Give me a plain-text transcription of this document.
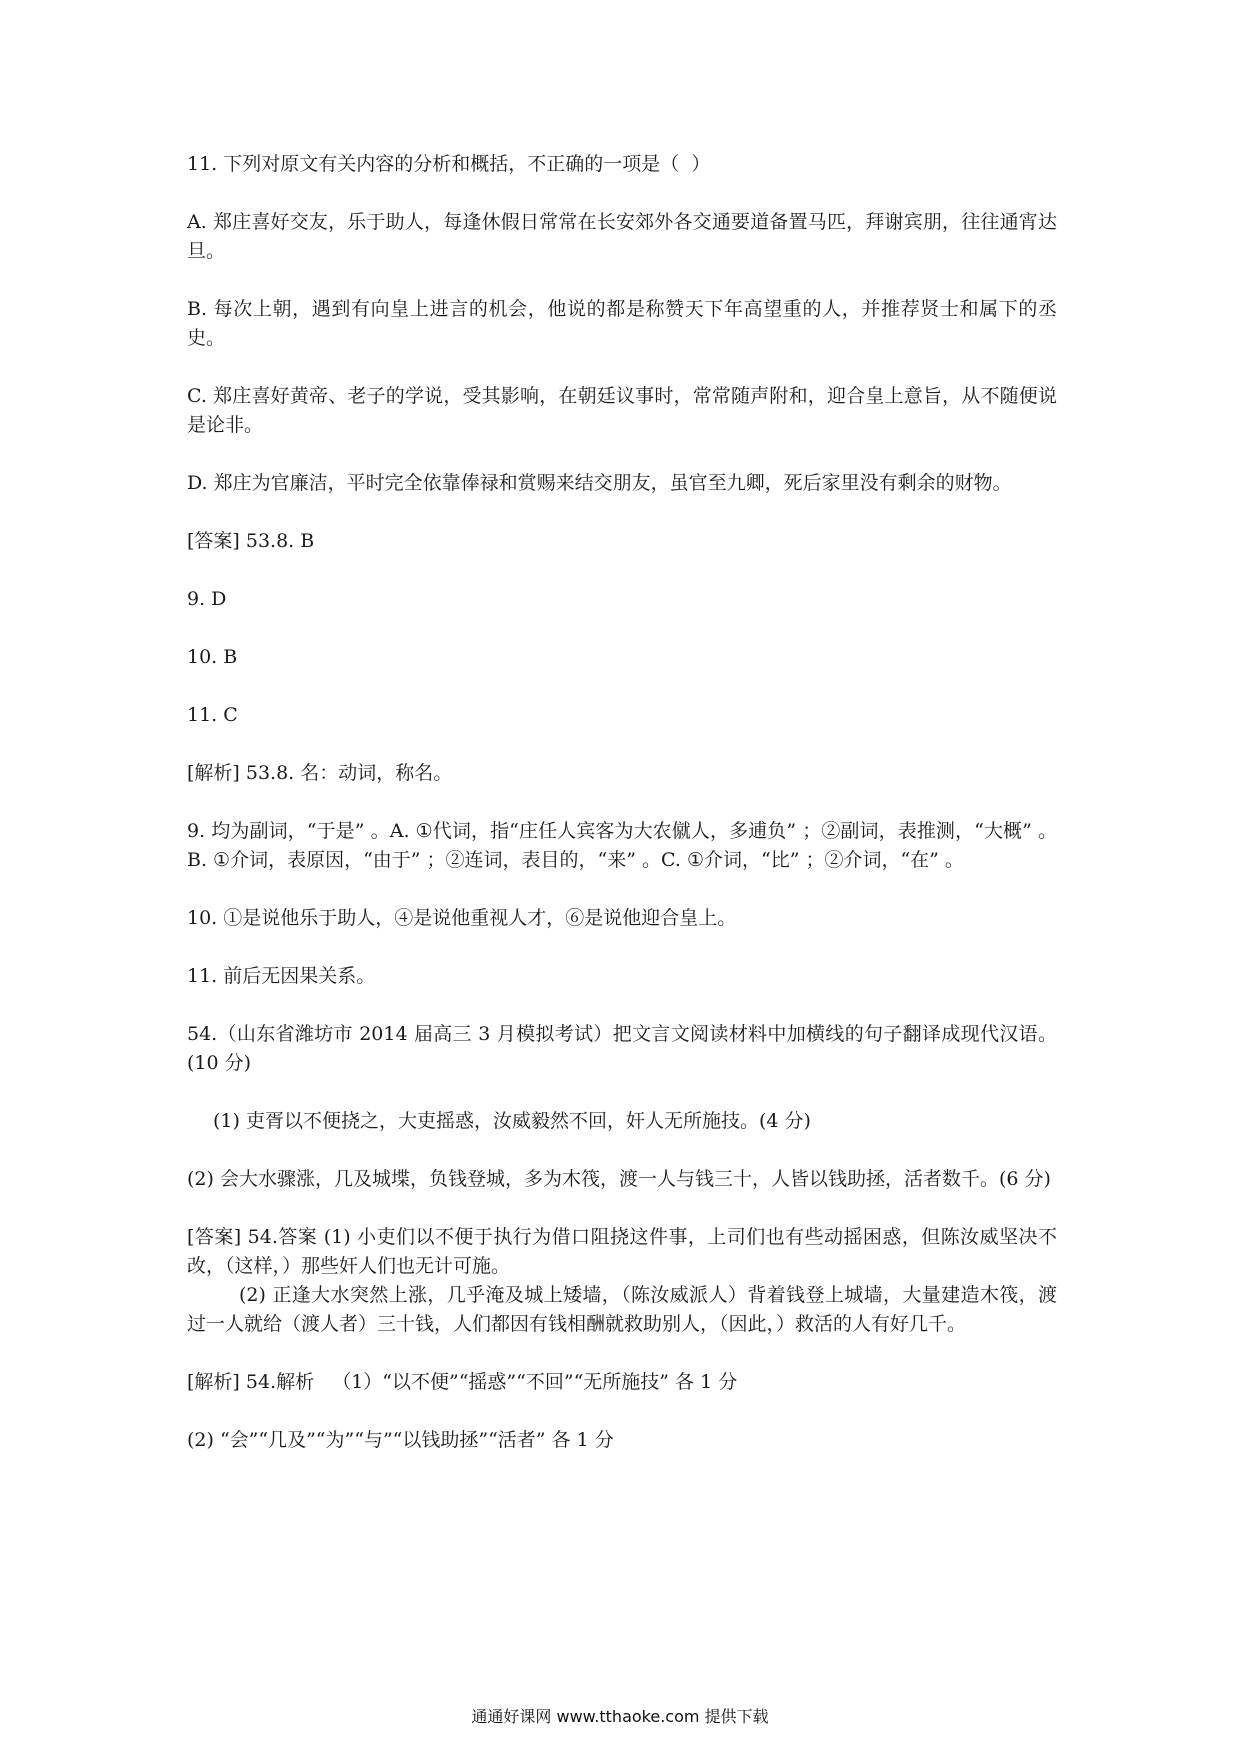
11. 下列对原文有关内容的分析和概括，不正确的一项是（  ）

A. 郑庄喜好交友，乐于助人，每逢休假日常常在长安郊外各交通要道备置马匹，拜谢宾朋，往往通宵达旦。

B. 每次上朝，遇到有向皇上进言的机会，他说的都是称赞天下年高望重的人，并推荐贤士和属下的丞史。

C. 郑庄喜好黄帝、老子的学说，受其影响，在朝廷议事时，常常随声附和，迎合皇上意旨，从不随便说是论非。

D. 郑庄为官廉洁，平时完全依靠俸禄和赏赐来结交朋友，虽官至九卿，死后家里没有剩余的财物。

[答案] 53.8. B

9. D

10. B

11. C

[解析] 53.8. 名：动词，称名。

9. 均为副词，“于是” 。A. ①代词，指“庄任人宾客为大农僦人，多逋负” ；②副词，表推测，“大概” 。B. ①介词，表原因，“由于” ；②连词，表目的，“来” 。C. ①介词，“比” ；②介词，“在” 。

10. ①是说他乐于助人，④是说他重视人才，⑥是说他迎合皇上。

11. 前后无因果关系。

54.（山东省潍坊市 2014 届高三 3 月模拟考试）把文言文阅读材料中加横线的句子翻译成现代汉语。(10 分)

(1) 吏胥以不便挠之，大吏摇惑，汝威毅然不回，奸人无所施技。(4 分)

(2) 会大水骤涨，几及城堞，负钱登城，多为木筏，渡一人与钱三十，人皆以钱助拯，活者数千。(6 分)

[答案] 54.答案 (1) 小吏们以不便于执行为借口阻挠这件事，上司们也有些动摇困惑，但陈汝威坚决不改，（这样，）那些奸人们也无计可施。

(2) 正逢大水突然上涨，几乎淹及城上矮墙，（陈汝威派人）背着钱登上城墙，大量建造木筏，渡过一人就给（渡人者）三十钱，人们都因有钱相酬就救助别人，（因此，）救活的人有好几千。

[解析] 54.解析   （1）“以不便”“摇惑”“不回”“无所施技” 各 1 分

(2) “会”“几及”“为”“与”“以钱助拯”“活者” 各 1 分

通通好课网 www.tthaoke.com 提供下载
